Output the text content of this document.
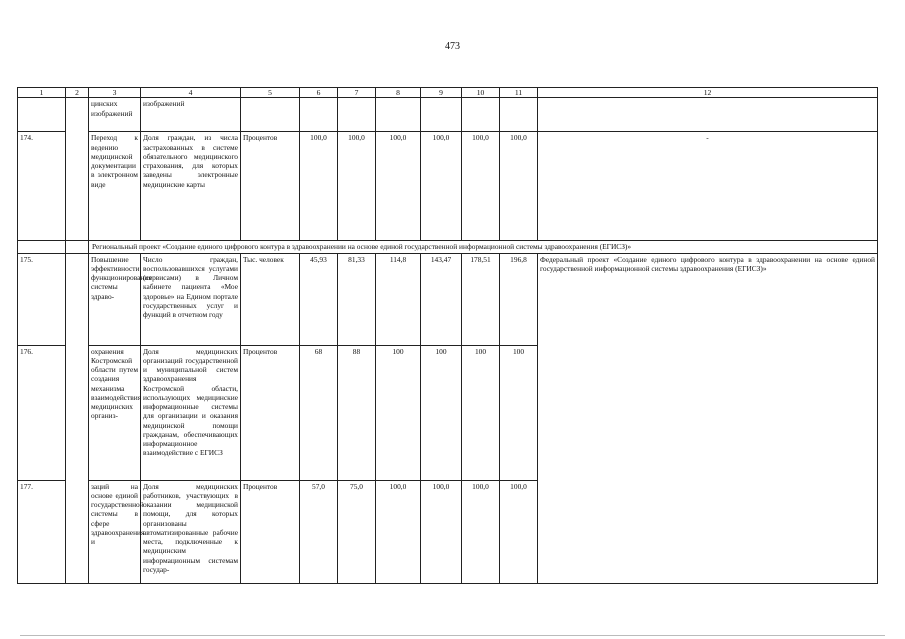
473
1	2	3	4	5	6	7	8	9	10	11	12
		цинских изображений	изображений								
174.		Переход к ведению медицинской документации в электронном виде	Доля граждан, из числа застрахованных в системе обязательного медицинского страхования, для которых заведены электронные медицинские карты	Процентов	100,0	100,0	100,0	100,0	100,0	100,0	-
		Региональный проект «Создание единого цифрового контура в здравоохранении на основе единой государственной информационной системы здравоохранения (ЕГИСЗ)»									
175.		Повышение эффективности функционирования системы здраво-	Число граждан, воспользовавшихся услугами (сервисами) в Личном кабинете пациента «Мое здоровье» на Едином портале государственных услуг и функций в отчетном году	Тыс. человек	45,93	81,33	114,8	143,47	178,51	196,8	Федеральный проект «Создание единого цифрового контура в здравоохранении на основе единой государственной информационной системы здравоохранения (ЕГИСЗ)»
176.		охранения Костромской области путем создания механизма взаимодействия медицинских организ-	Доля медицинских организаций государственной и муниципальной систем здравоохранения Костромской области, использующих медицинские информационные системы для организации и оказания медицинской помощи гражданам, обеспечивающих информационное взаимодействие с ЕГИСЗ	Процентов	68	88	100	100	100	100	
177.		заций на основе единой государственной системы в сфере здравоохранения и	Доля медицинских работников, участвующих в оказании медицинской помощи, для которых организованы автоматизированные рабочие места, подключенные к медицинским информационным системам государ-	Процентов	57,0	75,0	100,0	100,0	100,0	100,0	
